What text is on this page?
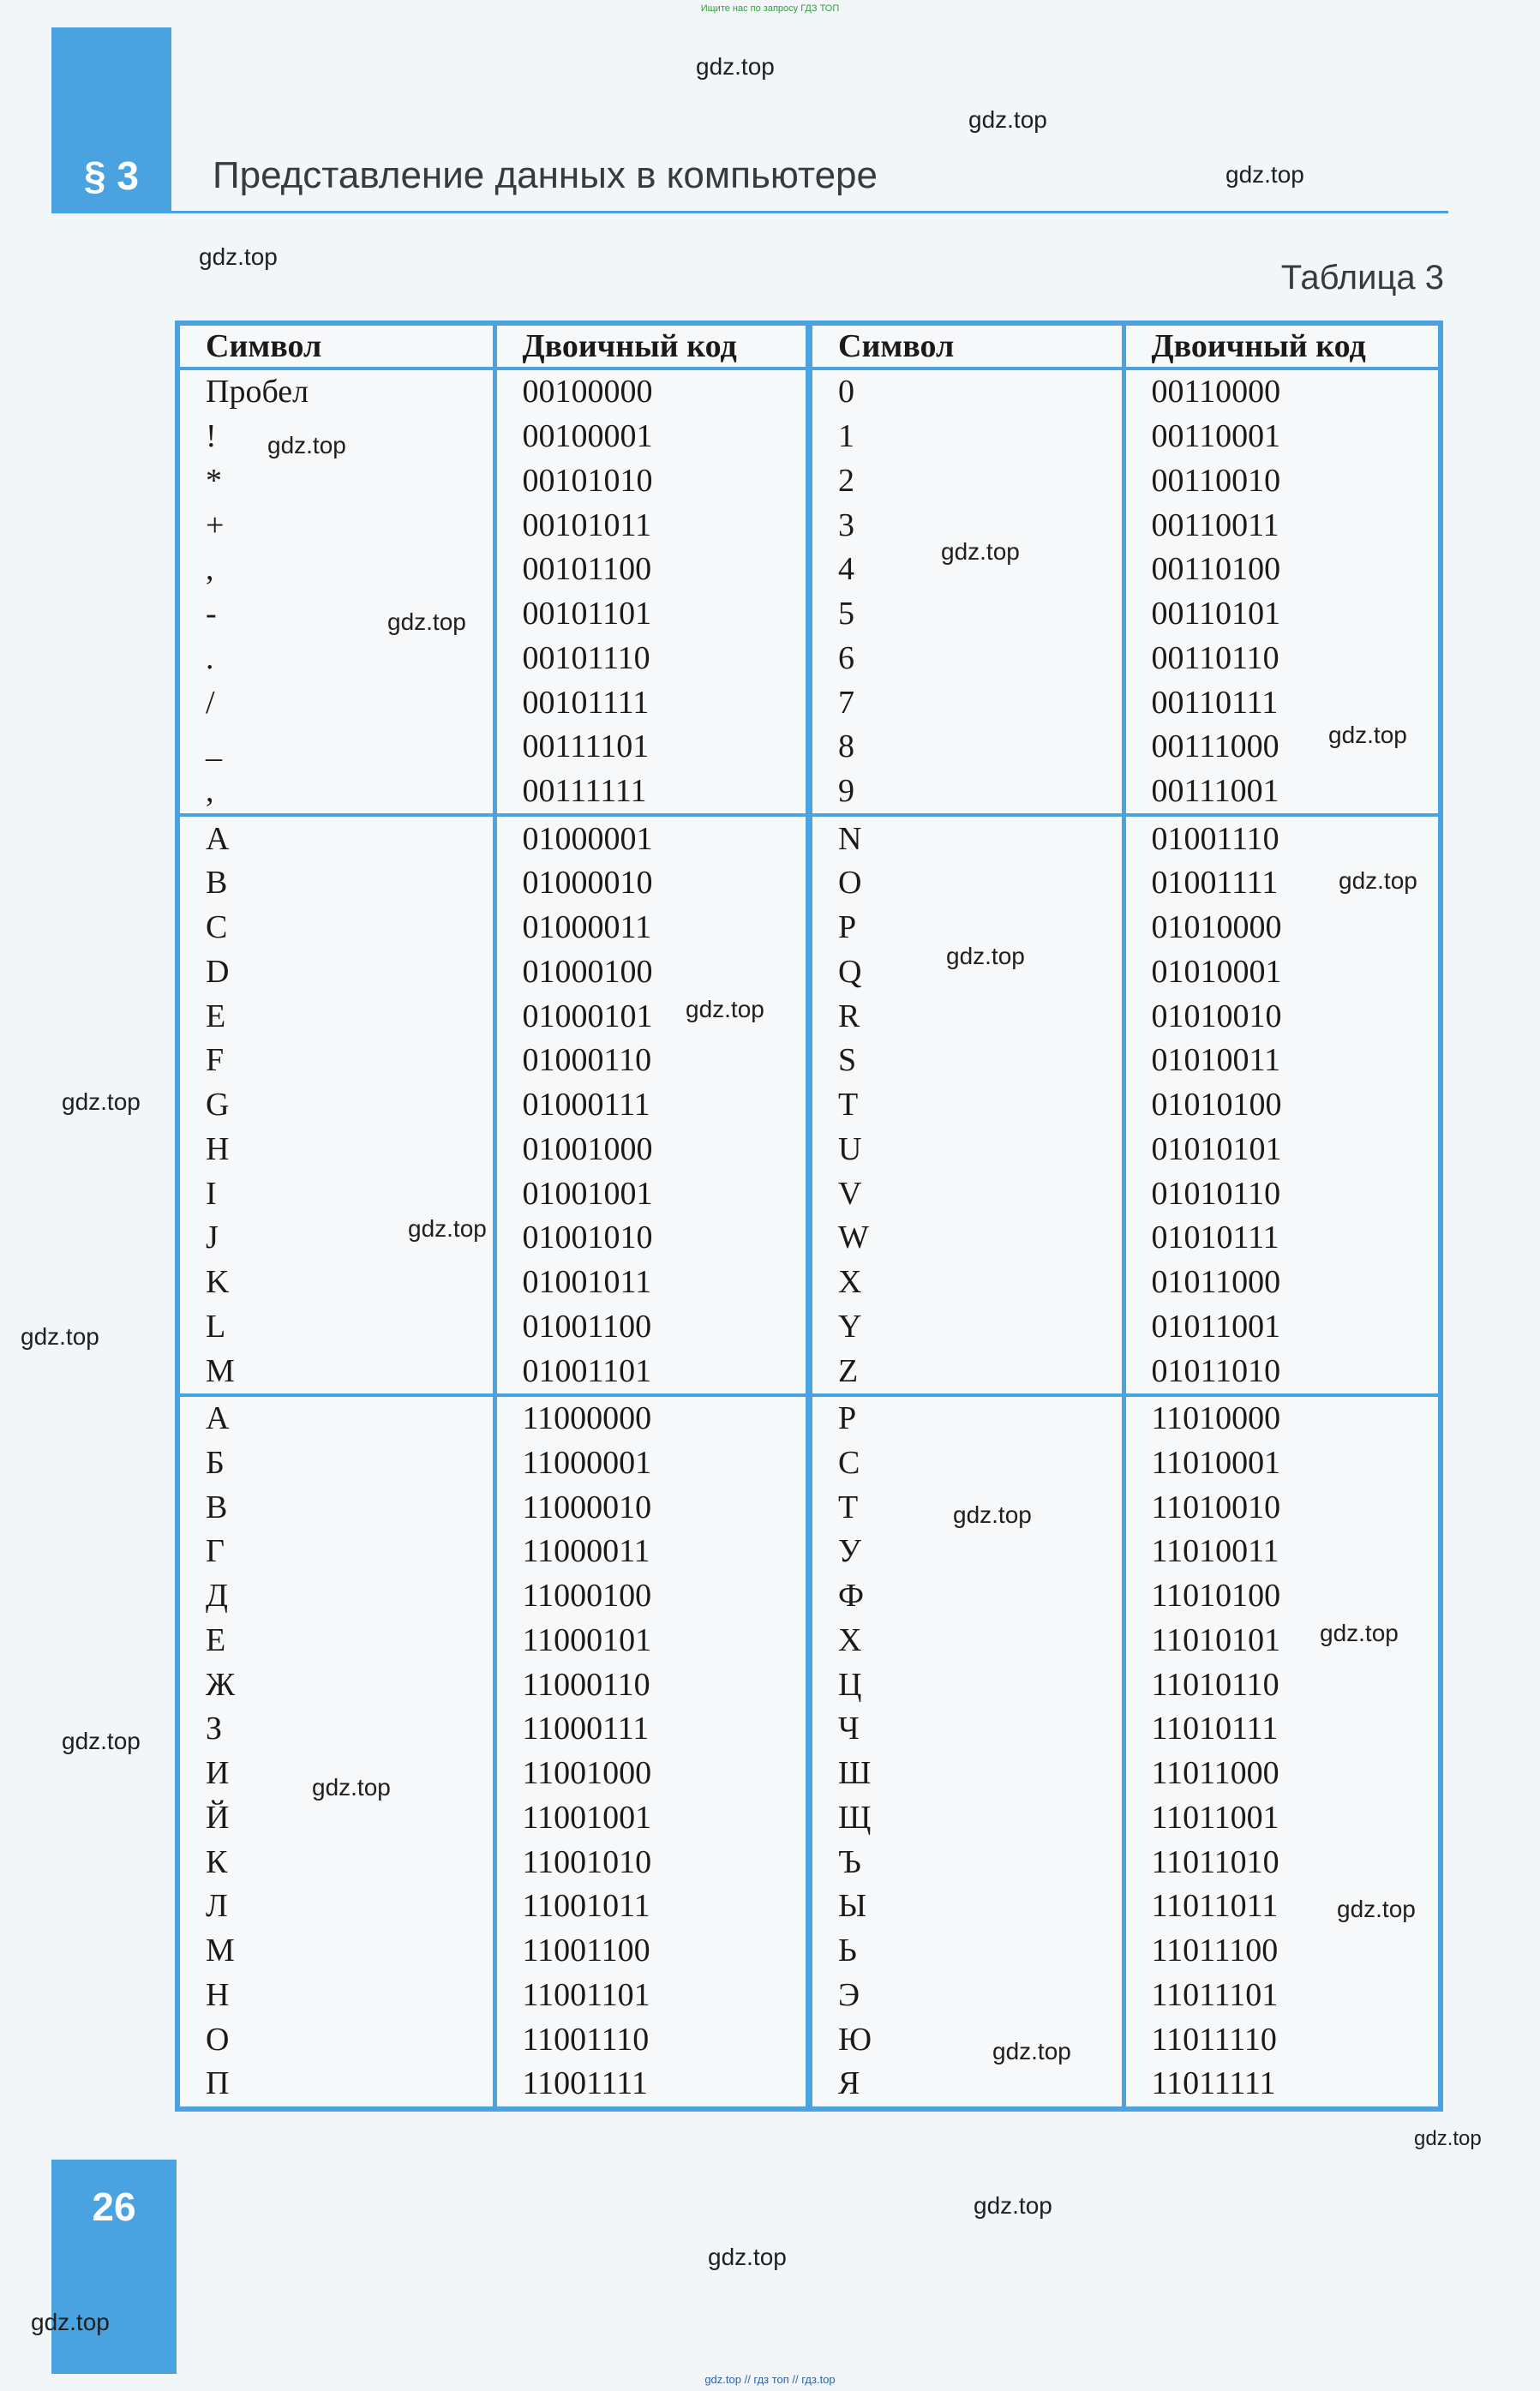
Ищите нас по запросу ГДЗ ТОП
§ 3	Представление данных в компьютере
Таблица 3
Символ	Двоичный код	Символ	Двоичный код
Пробел	00100000	0	00110000
!	00100001	1	00110001
*	00101010	2	00110010
+	00101011	3	00110011
,	00101100	4	00110100
-	00101101	5	00110101
.	00101110	6	00110110
/	00101111	7	00110111
_	00111101	8	00111000
,	00111111	9	00111001
A	01000001	N	01001110
B	01000010	O	01001111
C	01000011	P	01010000
D	01000100	Q	01010001
E	01000101	R	01010010
F	01000110	S	01010011
G	01000111	T	01010100
H	01001000	U	01010101
I	01001001	V	01010110
J	01001010	W	01010111
K	01001011	X	01011000
L	01001100	Y	01011001
M	01001101	Z	01011010
А	11000000	Р	11010000
Б	11000001	С	11010001
В	11000010	Т	11010010
Г	11000011	У	11010011
Д	11000100	Ф	11010100
Е	11000101	Х	11010101
Ж	11000110	Ц	11010110
З	11000111	Ч	11010111
И	11001000	Ш	11011000
Й	11001001	Щ	11011001
К	11001010	Ъ	11011010
Л	11001011	Ы	11011011
М	11001100	Ь	11011100
Н	11001101	Э	11011101
О	11001110	Ю	11011110
П	11001111	Я	11011111
26
gdz.top
gdz.top
gdz.top
gdz.top
gdz.top
gdz.top
gdz.top
gdz.top
gdz.top
gdz.top
gdz.top
gdz.top
gdz.top
gdz.top
gdz.top
gdz.top
gdz.top
gdz.top
gdz.top
gdz.top
gdz.top
gdz.top
gdz.top
gdz.top
gdz.top // гдз топ // гдз.top
